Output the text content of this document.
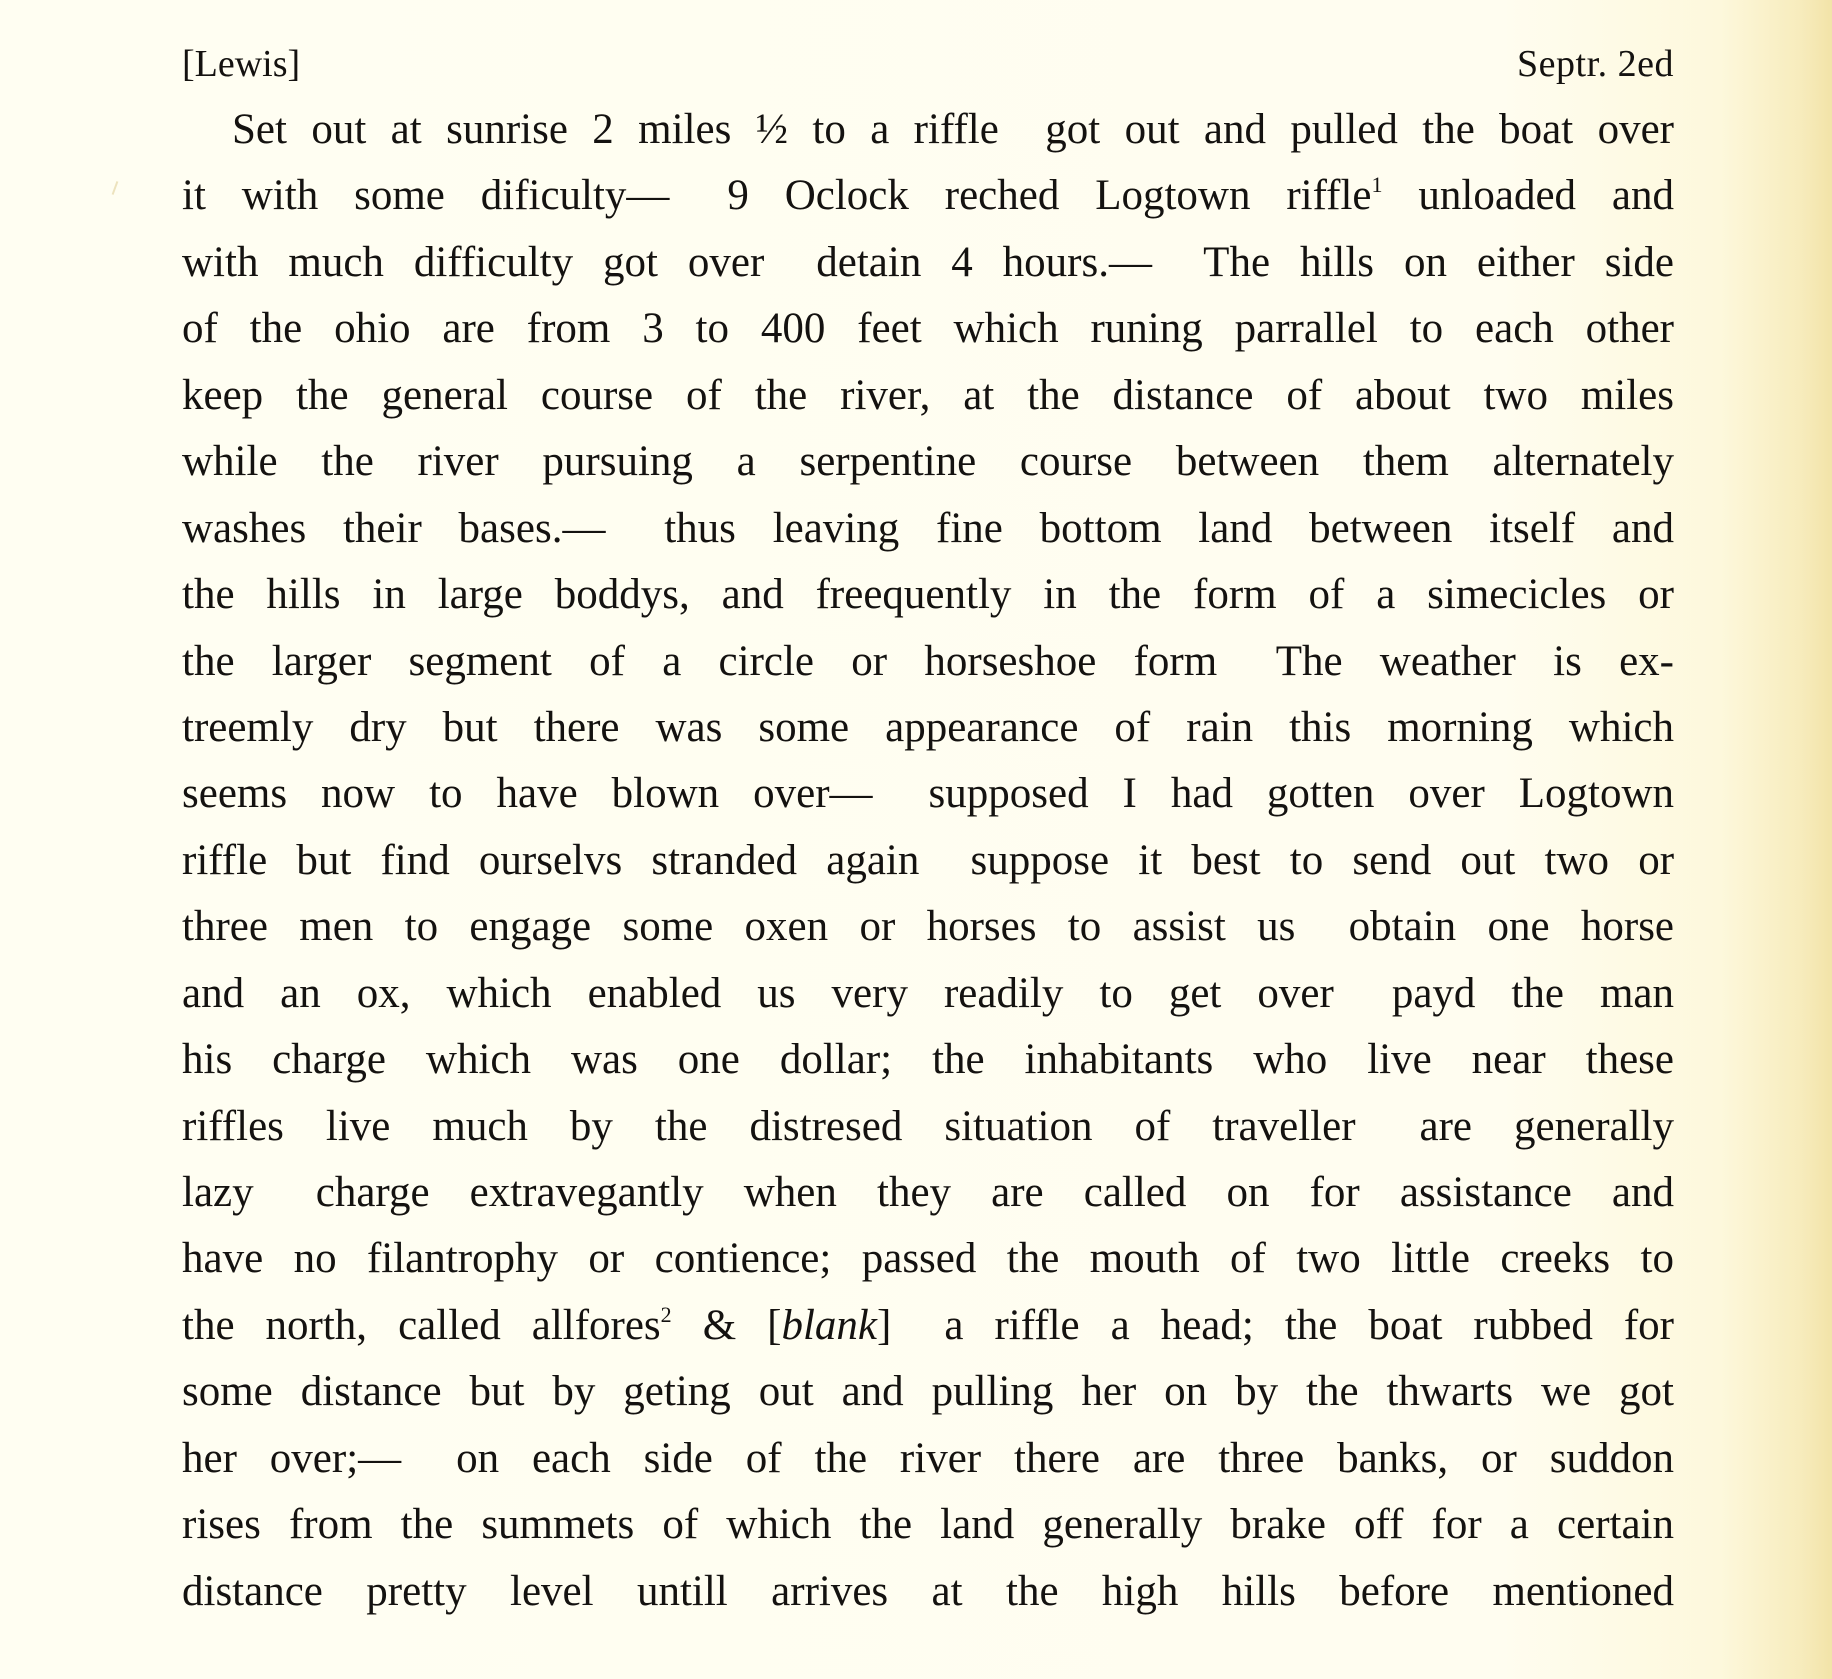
[Lewis]	Septr. 2ed
Set out at sunrise 2 miles ½ to a riffle got out and pulled the boat over
it with some dificulty— 9 Oclock reched Logtown riffle$^1$ unloaded and
with much difficulty got over detain 4 hours.— The hills on either side
of the ohio are from 3 to 400 feet which runing parrallel to each other
keep the general course of the river, at the distance of about two miles
while the river pursuing a serpentine course between them alternately
washes their bases.— thus leaving fine bottom land between itself and
the hills in large boddys, and freequently in the form of a simecicles or
the larger segment of a circle or horseshoe form The weather is ex-
treemly dry but there was some appearance of rain this morning which
seems now to have blown over— supposed I had gotten over Logtown
riffle but find ourselvs stranded again suppose it best to send out two or
three men to engage some oxen or horses to assist us obtain one horse
and an ox, which enabled us very readily to get over payd the man
his charge which was one dollar; the inhabitants who live near these
riffles live much by the distresed situation of traveller are generally
lazy charge extravegantly when they are called on for assistance and
have no filantrophy or contience; passed the mouth of two little creeks to
the north, called allfores$^2$ & [blank] a riffle a head; the boat rubbed for
some distance but by geting out and pulling her on by the thwarts we got
her over;— on each side of the river there are three banks, or suddon
rises from the summets of which the land generally brake off for a certain
distance pretty level untill arrives at the high hills before mentioned
